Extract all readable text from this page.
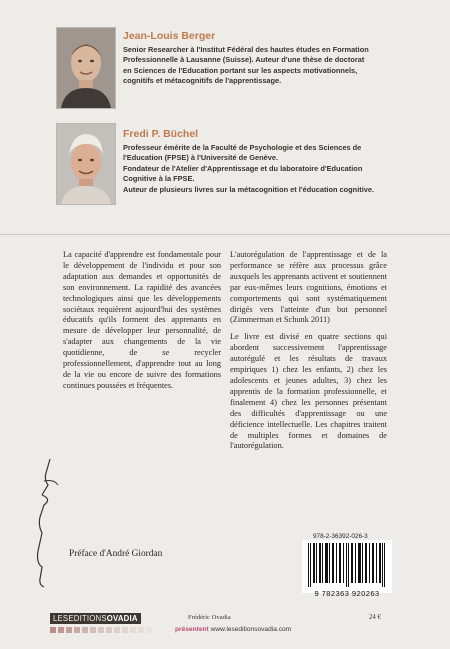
Jean-Louis Berger
Senior Researcher à l'Institut Fédéral des hautes études en Formation
Professionnelle à Lausanne (Suisse). Auteur d'une thèse de doctorat
en Sciences de l'Education portant sur les aspects motivationnels,
cognitifs et métacognitifs de l'apprentissage.
Fredi P. Büchel
Professeur émérite de la Faculté de Psychologie et des Sciences de
l'Education (FPSE) à l'Université de Genève.
Fondateur de l'Atelier d'Apprentissage et du laboratoire d'Education
Cognitive à la FPSE.
Auteur de plusieurs livres sur la métacognition et l'éducation cognitive.

La capacité d'apprendre est fondamentale pour le développement de l'individu et pour son adaptation aux demandes et opportunités de son environnement. La rapidité des avancées technologiques ainsi que les développements sociétaux requièrent aujourd'hui des systèmes éducatifs qu'ils forment des apprenants en mesure de développer leur personnalité, de s'adapter aux changements de la vie quotidienne, de se recycler professionnellement, d'apprendre tout au long de la vie ou encore de suivre des formations continues poussées et fréquentes.

L'autorégulation de l'apprentissage et de la performance se réfère aux processus grâce auxquels les apprenants activent et soutiennent par eux-mêmes leurs cognitions, émotions et comportements qui sont systématiquement dirigés vers l'atteinte d'un but personnel (Zimmerman et Schunk 2011)

Le livre est divisé en quatre sections qui abordent successivement l'apprentissage autorégulé et les résultats de travaux empiriques 1) chez les enfants, 2) chez les adolescents et jeunes adultes, 3) chez les apprentis de la formation professionnelle, et finalement 4) chez les personnes présentant des difficultés d'apprentissage ou une déficience intellectuelle. Les chapitres traitent de multiples formes et domaines de l'autorégulation.

Préface d'André Giordan
978-2-36392-026-3
9 782363 920263
LESEDITIONSOVADIA	Frédéric Ovadia	24 €
présentent www.leseditionsovadia.com
